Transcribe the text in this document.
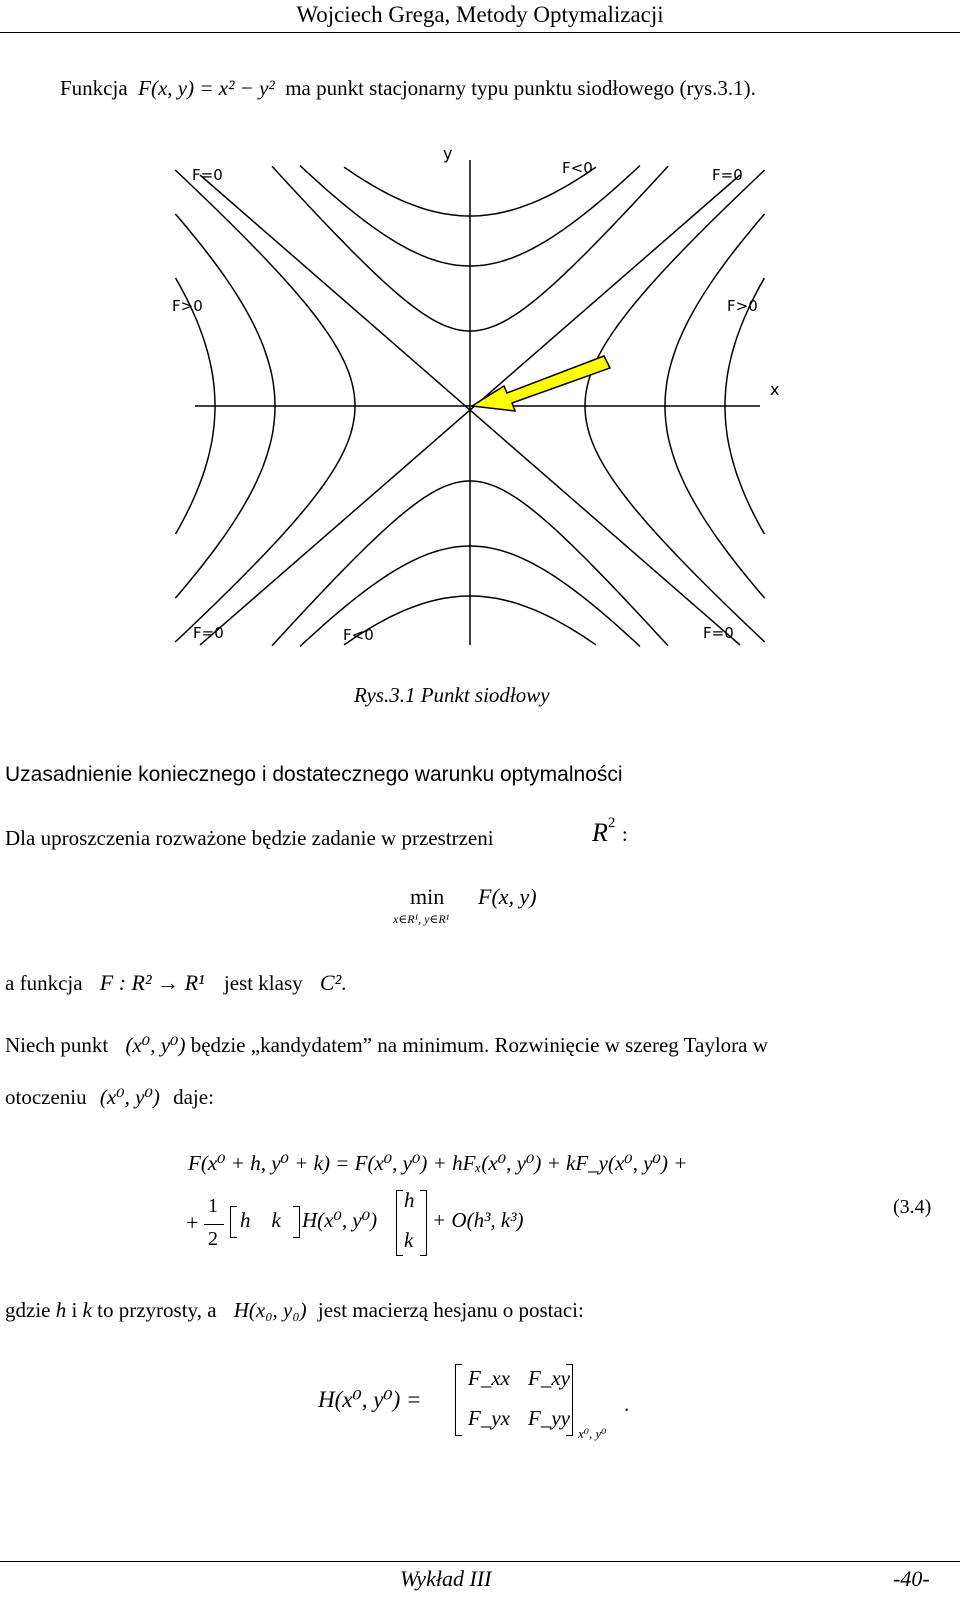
Wojciech Grega, Metody Optymalizacji
Funkcja F(x, y) = x² − y² ma punkt stacjonarny typu punktu siodłowego (rys.3.1).
y
x
F=0	F<0	F=0
F>0	F>0
F=0	F<0	F=0
Rys.3.1 Punkt siodłowy
Uzasadnienie koniecznego i dostatecznego warunku optymalności
Dla uproszczenia rozważone będzie zadanie w przestrzeni	$R^2$ :
min
x∈R¹, y∈R¹
F(x, y)
a funkcja F : R² → R¹ jest klasy C².
Niech punkt (x⁰, y⁰) będzie „kandydatem” na minimum. Rozwinięcie w szereg Taylora w
otoczeniu (x⁰, y⁰) daje:
F(x⁰ + h, y⁰ + k) = F(x⁰, y⁰) + hFₓ(x⁰, y⁰) + kF_y(x⁰, y⁰) +
+
1
2
h    k H(x⁰, y⁰)
h
k
+ O(h³, k³)
(3.4)
gdzie h i k to przyrosty, a H(x₀, y₀) jest macierzą hesjanu o postaci:
H(x⁰, y⁰) =
F_xx F_xy
F_yx F_yy
x⁰, y⁰
.
Wykład III	-40-
